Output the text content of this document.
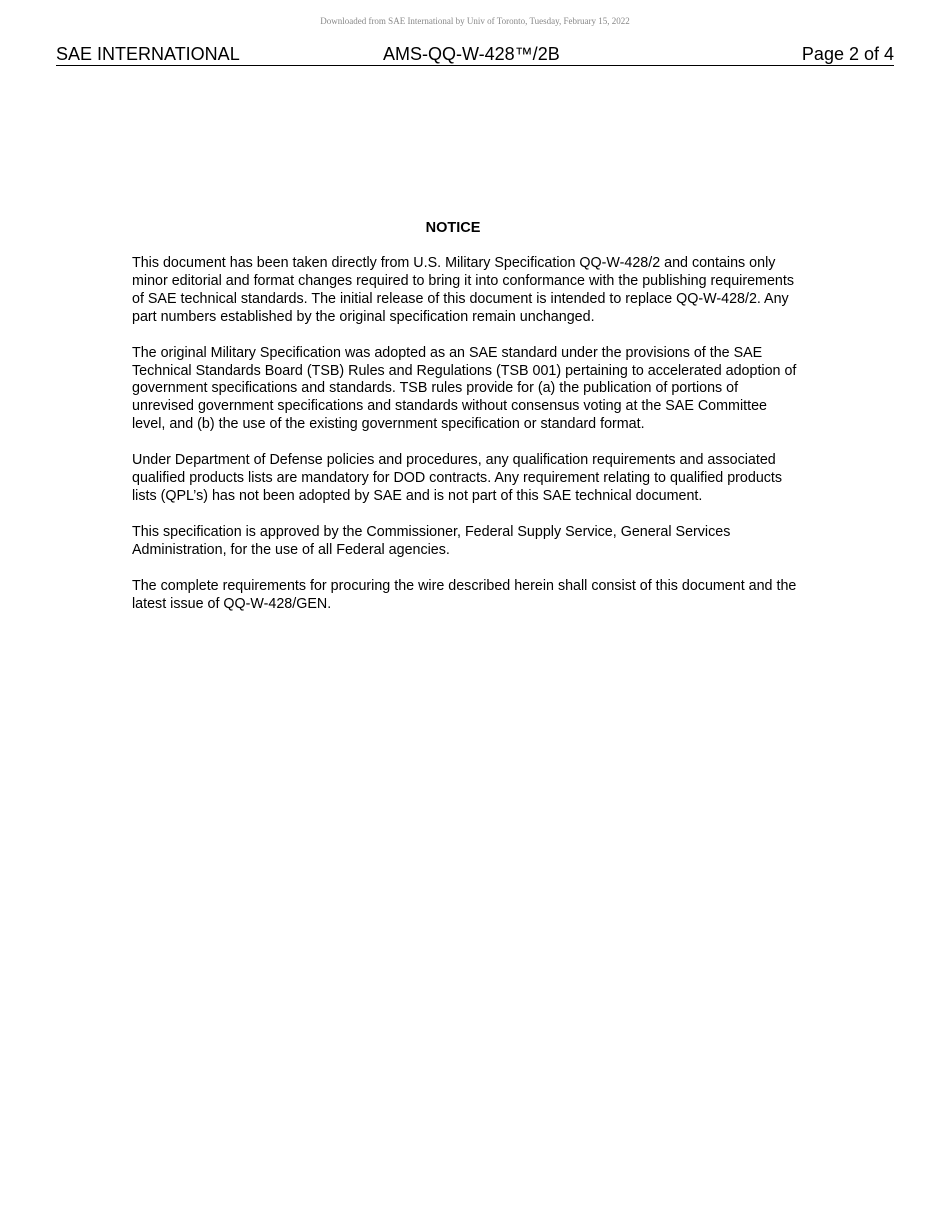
Downloaded from SAE International by Univ of Toronto, Tuesday, February 15, 2022

SAE INTERNATIONAL	AMS-QQ-W-428™/2B	Page 2 of 4
NOTICE

This document has been taken directly from U.S. Military Specification QQ-W-428/2 and contains only minor editorial and format changes required to bring it into conformance with the publishing requirements of SAE technical standards. The initial release of this document is intended to replace QQ-W-428/2. Any part numbers established by the original specification remain unchanged.

The original Military Specification was adopted as an SAE standard under the provisions of the SAE Technical Standards Board (TSB) Rules and Regulations (TSB 001) pertaining to accelerated adoption of government specifications and standards. TSB rules provide for (a) the publication of portions of unrevised government specifications and standards without consensus voting at the SAE Committee level, and (b) the use of the existing government specification or standard format.

Under Department of Defense policies and procedures, any qualification requirements and associated qualified products lists are mandatory for DOD contracts. Any requirement relating to qualified products lists (QPL’s) has not been adopted by SAE and is not part of this SAE technical document.

This specification is approved by the Commissioner, Federal Supply Service, General Services Administration, for the use of all Federal agencies.

The complete requirements for procuring the wire described herein shall consist of this document and the latest issue of QQ-W-428/GEN.
